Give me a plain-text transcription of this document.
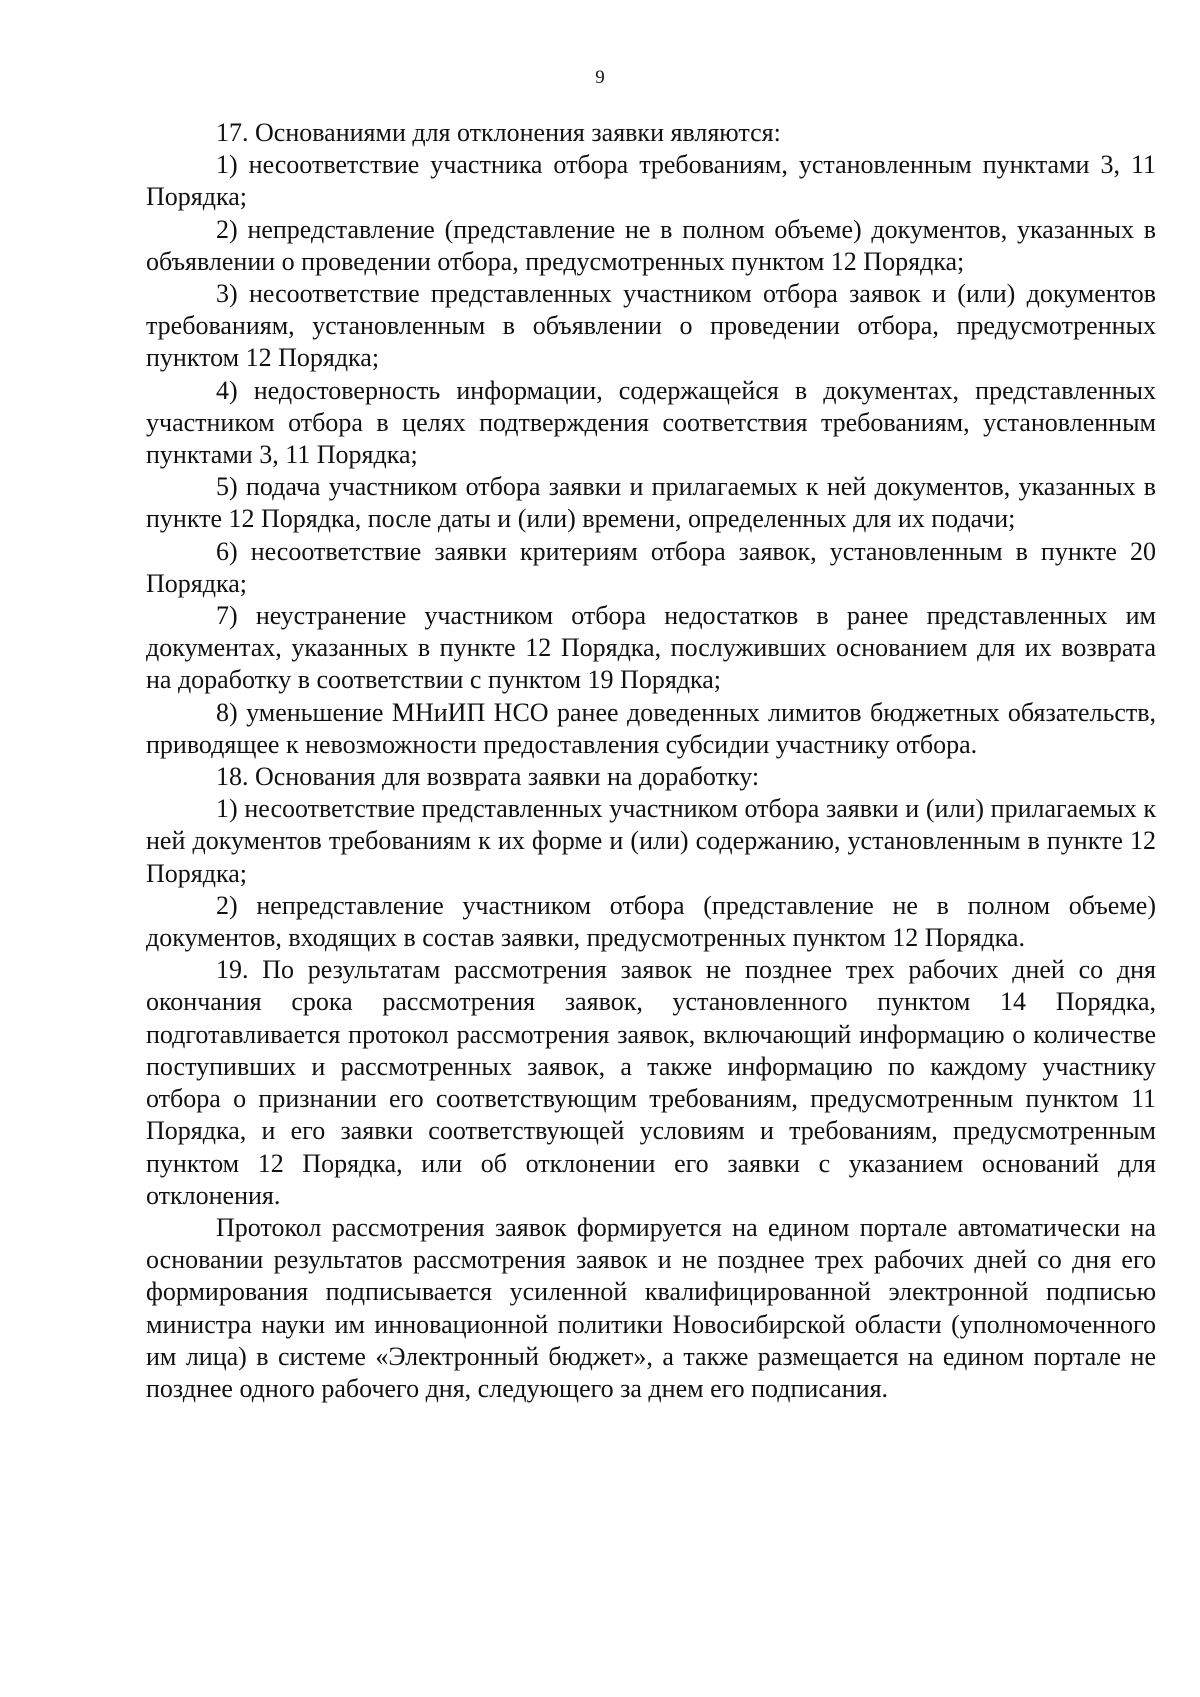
9

17. Основаниями для отклонения заявки являются:

1) несоответствие участника отбора требованиям, установленным пунктами 3, 11 Порядка;

2) непредставление (представление не в полном объеме) документов, указанных в объявлении о проведении отбора, предусмотренных пунктом 12 Порядка;

3) несоответствие представленных участником отбора заявок и (или) документов требованиям, установленным в объявлении о проведении отбора, предусмотренных пунктом 12 Порядка;

4) недостоверность информации, содержащейся в документах, представленных участником отбора в целях подтверждения соответствия требованиям, установленным пунктами 3, 11 Порядка;

5) подача участником отбора заявки и прилагаемых к ней документов, указанных в пункте 12 Порядка, после даты и (или) времени, определенных для их подачи;

6) несоответствие заявки критериям отбора заявок, установленным в пункте 20 Порядка;

7) неустранение участником отбора недостатков в ранее представленных им документах, указанных в пункте 12 Порядка, послуживших основанием для их возврата на доработку в соответствии с пунктом 19 Порядка;

8) уменьшение МНиИП НСО ранее доведенных лимитов бюджетных обязательств, приводящее к невозможности предоставления субсидии участнику отбора.

18. Основания для возврата заявки на доработку:

1) несоответствие представленных участником отбора заявки и (или) прилагаемых к ней документов требованиям к их форме и (или) содержанию, установленным в пункте 12 Порядка;

2) непредставление участником отбора (представление не в полном объеме) документов, входящих в состав заявки, предусмотренных пунктом 12 Порядка.

19. По результатам рассмотрения заявок не позднее трех рабочих дней со дня окончания срока рассмотрения заявок, установленного пунктом 14 Порядка, подготавливается протокол рассмотрения заявок, включающий информацию о количестве поступивших и рассмотренных заявок, а также информацию по каждому участнику отбора о признании его соответствующим требованиям, предусмотренным пунктом 11 Порядка, и его заявки соответствующей условиям и требованиям, предусмотренным пунктом 12 Порядка, или об отклонении его заявки с указанием оснований для отклонения.

Протокол рассмотрения заявок формируется на едином портале автоматически на основании результатов рассмотрения заявок и не позднее трех рабочих дней со дня его формирования подписывается усиленной квалифицированной электронной подписью министра науки им инновационной политики Новосибирской области (уполномоченного им лица) в системе «Электронный бюджет», а также размещается на едином портале не позднее одного рабочего дня, следующего за днем его подписания.
